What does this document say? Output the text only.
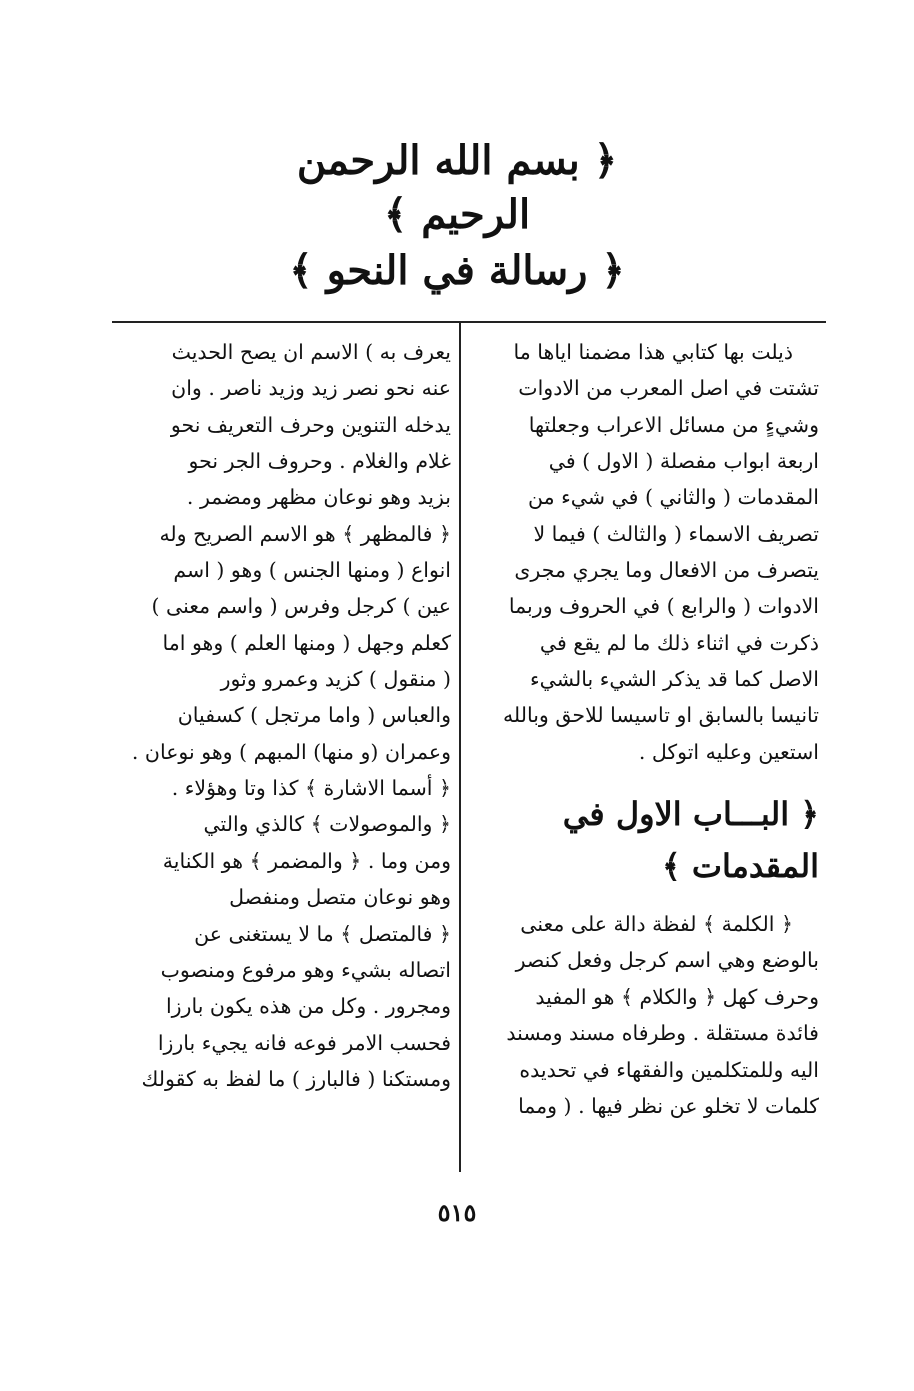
﴿ بسم الله الرحمن
الرحيم ﴾
﴿ رسالة في النحو ﴾
ذيلت بها كتابي هذا مضمنا اياها ما
تشتت في اصل المعرب من الادوات
وشيءٍ من مسائل الاعراب وجعلتها
اربعة ابواب مفصلة ( الاول ) في
المقدمات ( والثاني ) في شيء من
تصريف الاسماء ( والثالث ) فيما لا
يتصرف من الافعال وما يجري مجرى
الادوات ( والرابع ) في الحروف وربما
ذكرت في اثناء ذلك ما لم يقع في
الاصل كما قد يذكر الشيء بالشيء
تانيسا بالسابق او تاسيسا للاحق وبالله
استعين وعليه اتوكل .
﴿ البـــاب الاول في
المقدمات ﴾
﴿ الكلمة ﴾ لفظة دالة على معنى
بالوضع وهي اسم كرجل وفعل كنصر
وحرف كهل ﴿ والكلام ﴾ هو المفيد
فائدة مستقلة . وطرفاه مسند ومسند
اليه وللمتكلمين والفقهاء في تحديده
كلمات لا تخلو عن نظر فيها . ( ومما
يعرف به ) الاسم ان يصح الحديث
عنه نحو نصر زيد وزيد ناصر . وان
يدخله التنوين وحرف التعريف نحو
غلام والغلام . وحروف الجر نحو
بزيد وهو نوعان مظهر ومضمر .
﴿ فالمظهر ﴾ هو الاسم الصريح وله
انواع ( ومنها الجنس ) وهو ( اسم
عين ) كرجل وفرس ( واسم معنى )
كعلم وجهل ( ومنها العلم ) وهو اما
( منقول ) كزيد وعمرو وثور
والعباس ( واما مرتجل ) كسفيان
وعمران (و منها) المبهم ) وهو نوعان .
﴿ أسما الاشارة ﴾ كذا وتا وهؤلاء .
﴿ والموصولات ﴾ كالذي والتي
ومن وما . ﴿ والمضمر ﴾ هو الكناية
وهو نوعان متصل ومنفصل
﴿ فالمتصل ﴾ ما لا يستغنى عن
اتصاله بشيء وهو مرفوع ومنصوب
ومجرور . وكل من هذه يكون بارزا
فحسب الامر فوعه فانه يجيء بارزا
ومستكنا ( فالبارز ) ما لفظ به كقولك
٥١٥
